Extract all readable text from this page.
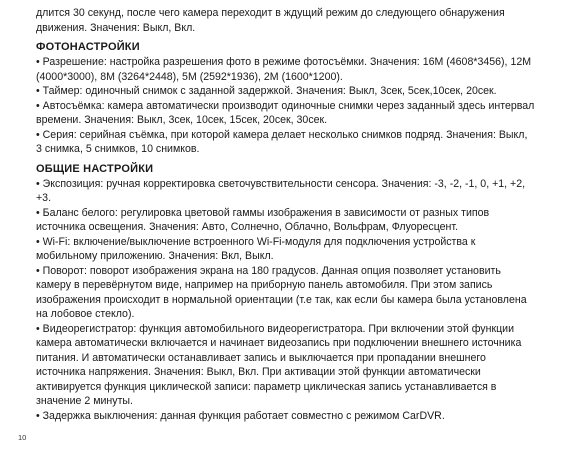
длится 30 секунд, после чего камера переходит в ждущий режим до следующего обнаружения движения. Значения: Выкл, Вкл.

ФОТОНАСТРОЙКИ

• Разрешение: настройка разрешения фото в режиме фотосъёмки. Значения: 16M (4608*3456), 12M (4000*3000), 8M (3264*2448), 5M (2592*1936), 2M (1600*1200).

• Таймер: одиночный снимок с заданной задержкой. Значения: Выкл, 3сек, 5сек,10сек, 20сек.

• Автосъёмка: камера автоматически производит одиночные снимки через заданный здесь интервал времени. Значения: Выкл, 3сек, 10сек, 15сек, 20сек, 30сек.

• Серия: серийная съёмка, при которой камера делает несколько снимков подряд. Значения: Выкл, 3 снимка, 5 снимков, 10 снимков.

ОБЩИЕ НАСТРОЙКИ

• Экспозиция: ручная корректировка светочувствительности сенсора. Значения: -3, -2, -1, 0, +1, +2, +3.

• Баланс белого: регулировка цветовой гаммы изображения в зависимости от разных типов источника освещения. Значения: Авто, Солнечно, Облачно, Вольфрам, Флуоресцент.

• Wi-Fi: включение/выключение встроенного Wi-Fi-модуля для подключения устройства к мобильному приложению. Значения: Вкл, Выкл.

• Поворот: поворот изображения экрана на 180 градусов. Данная опция позволяет установить камеру в перевёрнутом виде, например на приборную панель автомобиля. При этом запись изображения происходит в нормальной ориентации (т.е так, как если бы камера была установлена на лобовое стекло).

• Видеорегистратор: функция автомобильного видеорегистратора. При включении этой функции камера автоматически включается и начинает видеозапись при подключении внешнего источника питания. И автоматически останавливает запись и выключается при пропадании внешнего источника напряжения. Значения: Выкл, Вкл. При активации этой функции автоматически активируется функция циклической записи: параметр циклическая запись устанавливается в значение 2 минуты.

• Задержка выключения: данная функция работает совместно с режимом CarDVR.

10
